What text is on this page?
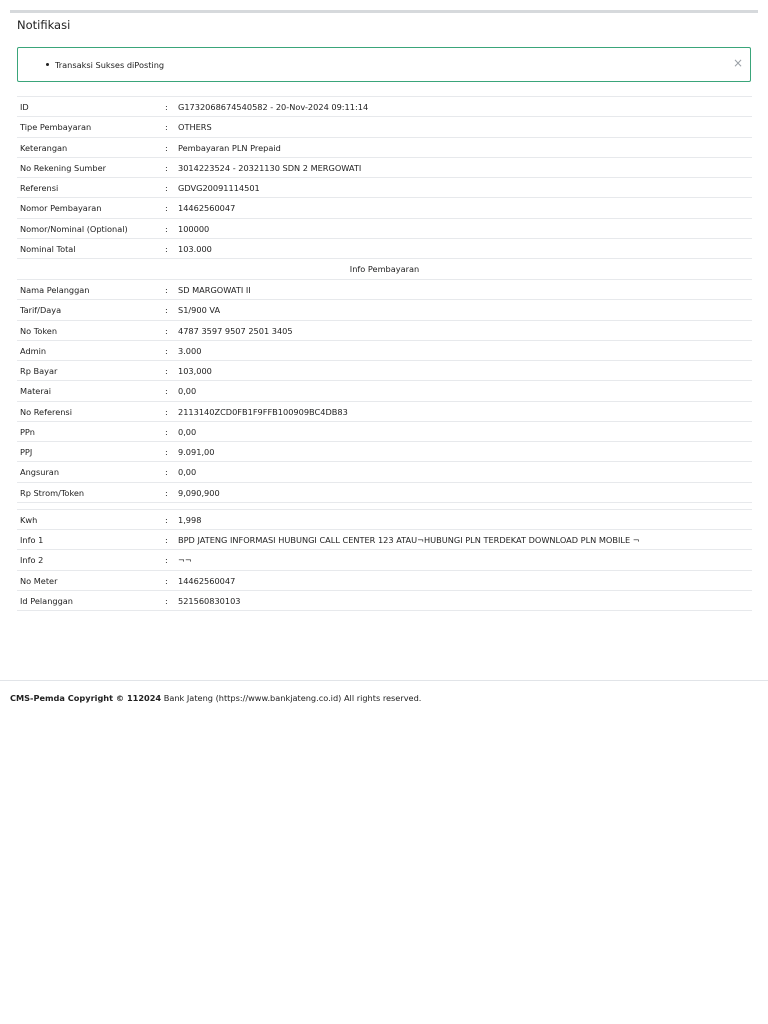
Notifikasi
Transaksi Sukses diPosting	×
ID	: G1732068674540582 - 20-Nov-2024 09:11:14
Tipe Pembayaran	: OTHERS
Keterangan	: Pembayaran PLN Prepaid
No Rekening Sumber	: 3014223524 - 20321130 SDN 2 MERGOWATI
Referensi	: GDVG20091114501
Nomor Pembayaran	: 14462560047
Nomor/Nominal (Optional)	: 100000
Nominal Total	: 103.000
Info Pembayaran
Nama Pelanggan	: SD MARGOWATI II
Tarif/Daya	: S1/900 VA
No Token	: 4787 3597 9507 2501 3405
Admin	: 3.000
Rp Bayar	: 103,000
Materai	: 0,00
No Referensi	: 2113140ZCD0FB1F9FFB100909BC4DB83
PPn	: 0,00
PPJ	: 9.091,00
Angsuran	: 0,00
Rp Strom/Token	: 9,090,900
Kwh	: 1,998
Info 1	: BPD JATENG INFORMASI HUBUNGI CALL CENTER 123 ATAU¬HUBUNGI PLN TERDEKAT DOWNLOAD PLN MOBILE ¬
Info 2	: ¬¬
No Meter	: 14462560047
Id Pelanggan	: 521560830103
CMS-Pemda Copyright © 112024 Bank Jateng (https://www.bankjateng.co.id) All rights reserved.
